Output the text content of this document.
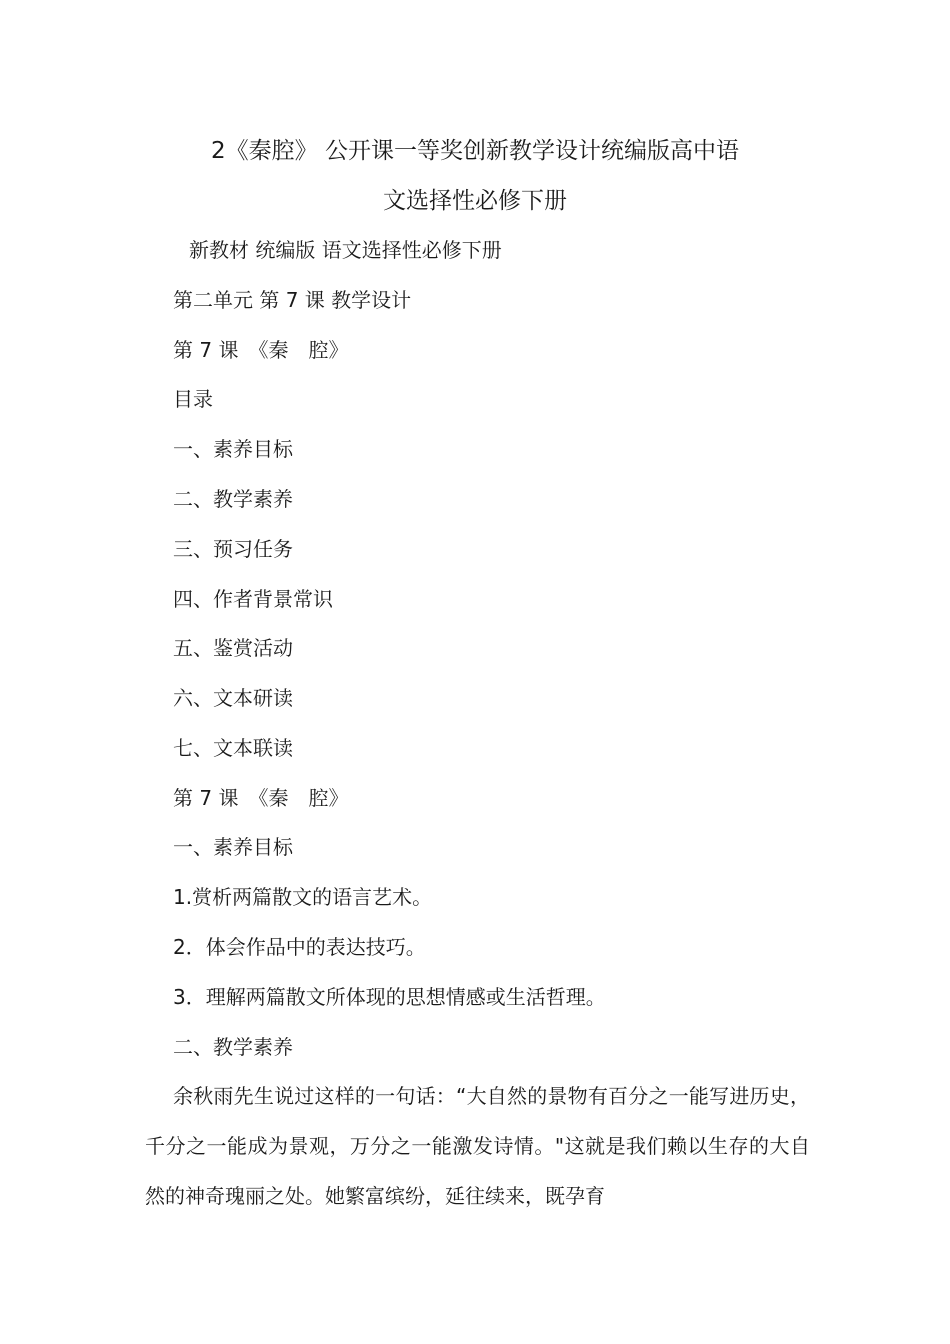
2《秦腔》 公开课一等奖创新教学设计统编版高中语
文选择性必修下册
新教材 统编版 语文选择性必修下册
第二单元 第 7 课 教学设计
第 7 课　《秦　腔》
目录
一、素养目标
二、教学素养
三、预习任务
四、作者背景常识
五、鉴赏活动
六、文本研读
七、文本联读
第 7 课　《秦　腔》
一、素养目标
1.赏析两篇散文的语言艺术。
2．体会作品中的表达技巧。
3．理解两篇散文所体现的思想情感或生活哲理。
二、教学素养
余秋雨先生说过这样的一句话：“大自然的景物有百分之一能写进历史，千分之一能成为景观，万分之一能激发诗情。"这就是我们赖以生存的大自然的神奇瑰丽之处。她繁富缤纷，延往续来，既孕育
